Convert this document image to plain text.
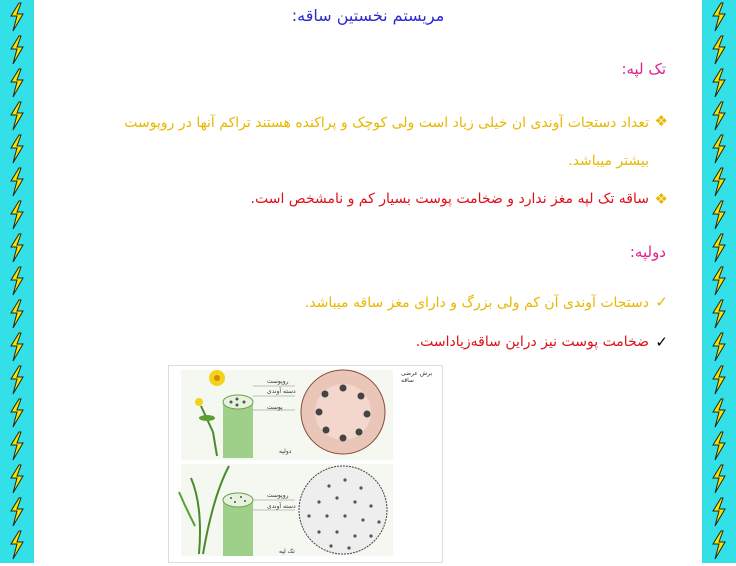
مریستم نخستین ساقه:
تک لپه:
❖
تعداد دستجات آوندی ان خیلی زیاد است ولی کوچک و پراکنده هستند تراکم آنها در روپوست بیشتر میباشد.
❖
ساقه تک لپه مغز ندارد و ضخامت پوست بسیار کم و نامشخص است.
دولپه:
✓
دستجات آوندی آن کم ولی بزرگ و دارای مغز ساقه میباشد.
✓
ضخامت پوست نیز دراین ساقه‌زیاداست.
برش عرضی ساقه
روپوست
دسته آوندی
پوست
دولپه
روپوست
دسته آوندی
تک لپه
